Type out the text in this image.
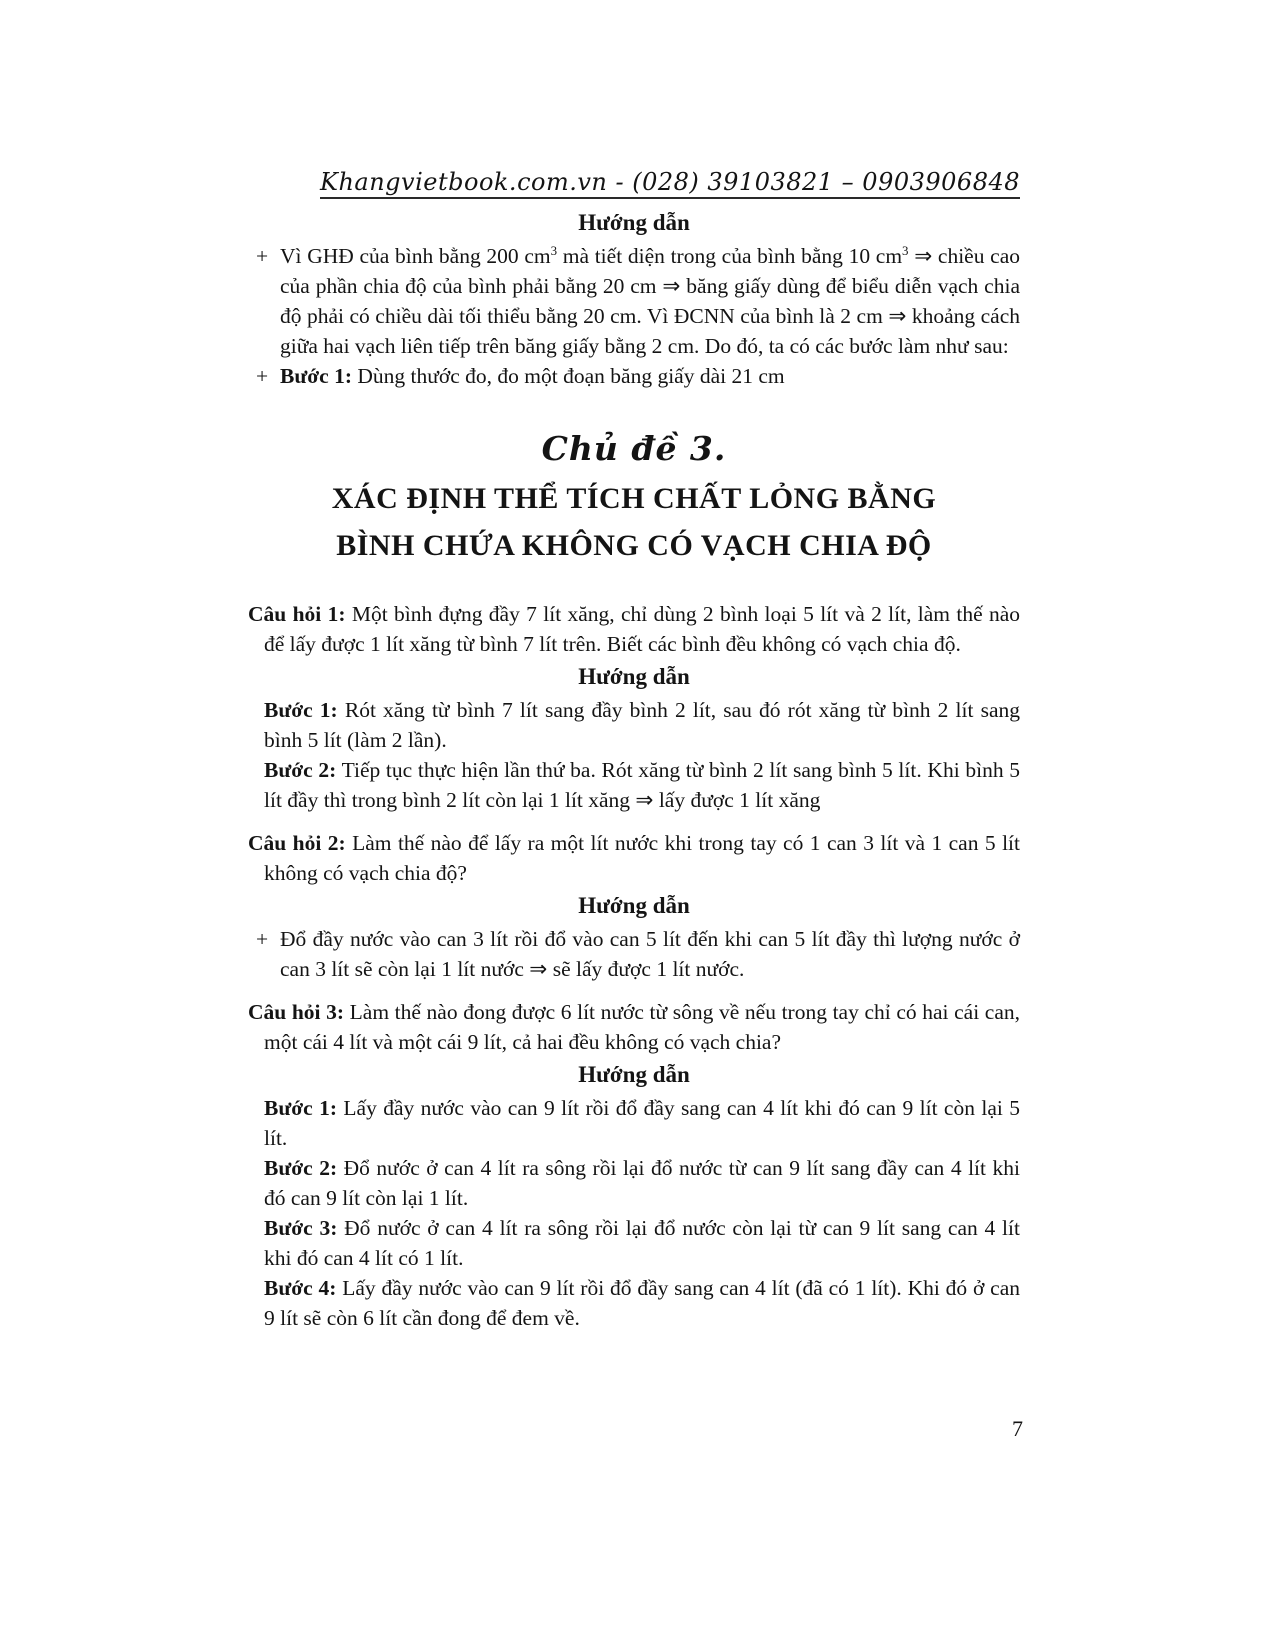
Khangvietbook.com.vn - (028) 39103821 – 0903906848
Hướng dẫn
+ Vì GHĐ của bình bằng 200 $cm^3$ mà tiết diện trong của bình bằng 10 $cm^3$ ⇒ chiều cao của phần chia độ của bình phải bằng 20 cm ⇒ băng giấy dùng để biểu diễn vạch chia độ phải có chiều dài tối thiểu bằng 20 cm. Vì ĐCNN của bình là 2 cm ⇒ khoảng cách giữa hai vạch liên tiếp trên băng giấy bằng 2 cm. Do đó, ta có các bước làm như sau:
+ Bước 1: Dùng thước đo, đo một đoạn băng giấy dài 21 cm
Chủ đề 3.
XÁC ĐỊNH THỂ TÍCH CHẤT LỎNG BẰNG
BÌNH CHỨA KHÔNG CÓ VẠCH CHIA ĐỘ
Câu hỏi 1: Một bình đựng đầy 7 lít xăng, chỉ dùng 2 bình loại 5 lít và 2 lít, làm thế nào để lấy được 1 lít xăng từ bình 7 lít trên. Biết các bình đều không có vạch chia độ.
Hướng dẫn
Bước 1: Rót xăng từ bình 7 lít sang đầy bình 2 lít, sau đó rót xăng từ bình 2 lít sang bình 5 lít (làm 2 lần).
Bước 2: Tiếp tục thực hiện lần thứ ba. Rót xăng từ bình 2 lít sang bình 5 lít. Khi bình 5 lít đầy thì trong bình 2 lít còn lại 1 lít xăng ⇒ lấy được 1 lít xăng
Câu hỏi 2: Làm thế nào để lấy ra một lít nước khi trong tay có 1 can 3 lít và 1 can 5 lít không có vạch chia độ?
Hướng dẫn
+ Đổ đầy nước vào can 3 lít rồi đổ vào can 5 lít đến khi can 5 lít đầy thì lượng nước ở can 3 lít sẽ còn lại 1 lít nước ⇒ sẽ lấy được 1 lít nước.
Câu hỏi 3: Làm thế nào đong được 6 lít nước từ sông về nếu trong tay chỉ có hai cái can, một cái 4 lít và một cái 9 lít, cả hai đều không có vạch chia?
Hướng dẫn
Bước 1: Lấy đầy nước vào can 9 lít rồi đổ đầy sang can 4 lít khi đó can 9 lít còn lại 5 lít.
Bước 2: Đổ nước ở can 4 lít ra sông rồi lại đổ nước từ can 9 lít sang đầy can 4 lít khi đó can 9 lít còn lại 1 lít.
Bước 3: Đổ nước ở can 4 lít ra sông rồi lại đổ nước còn lại từ can 9 lít sang can 4 lít khi đó can 4 lít có 1 lít.
Bước 4: Lấy đầy nước vào can 9 lít rồi đổ đầy sang can 4 lít (đã có 1 lít). Khi đó ở can 9 lít sẽ còn 6 lít cần đong để đem về.
7
